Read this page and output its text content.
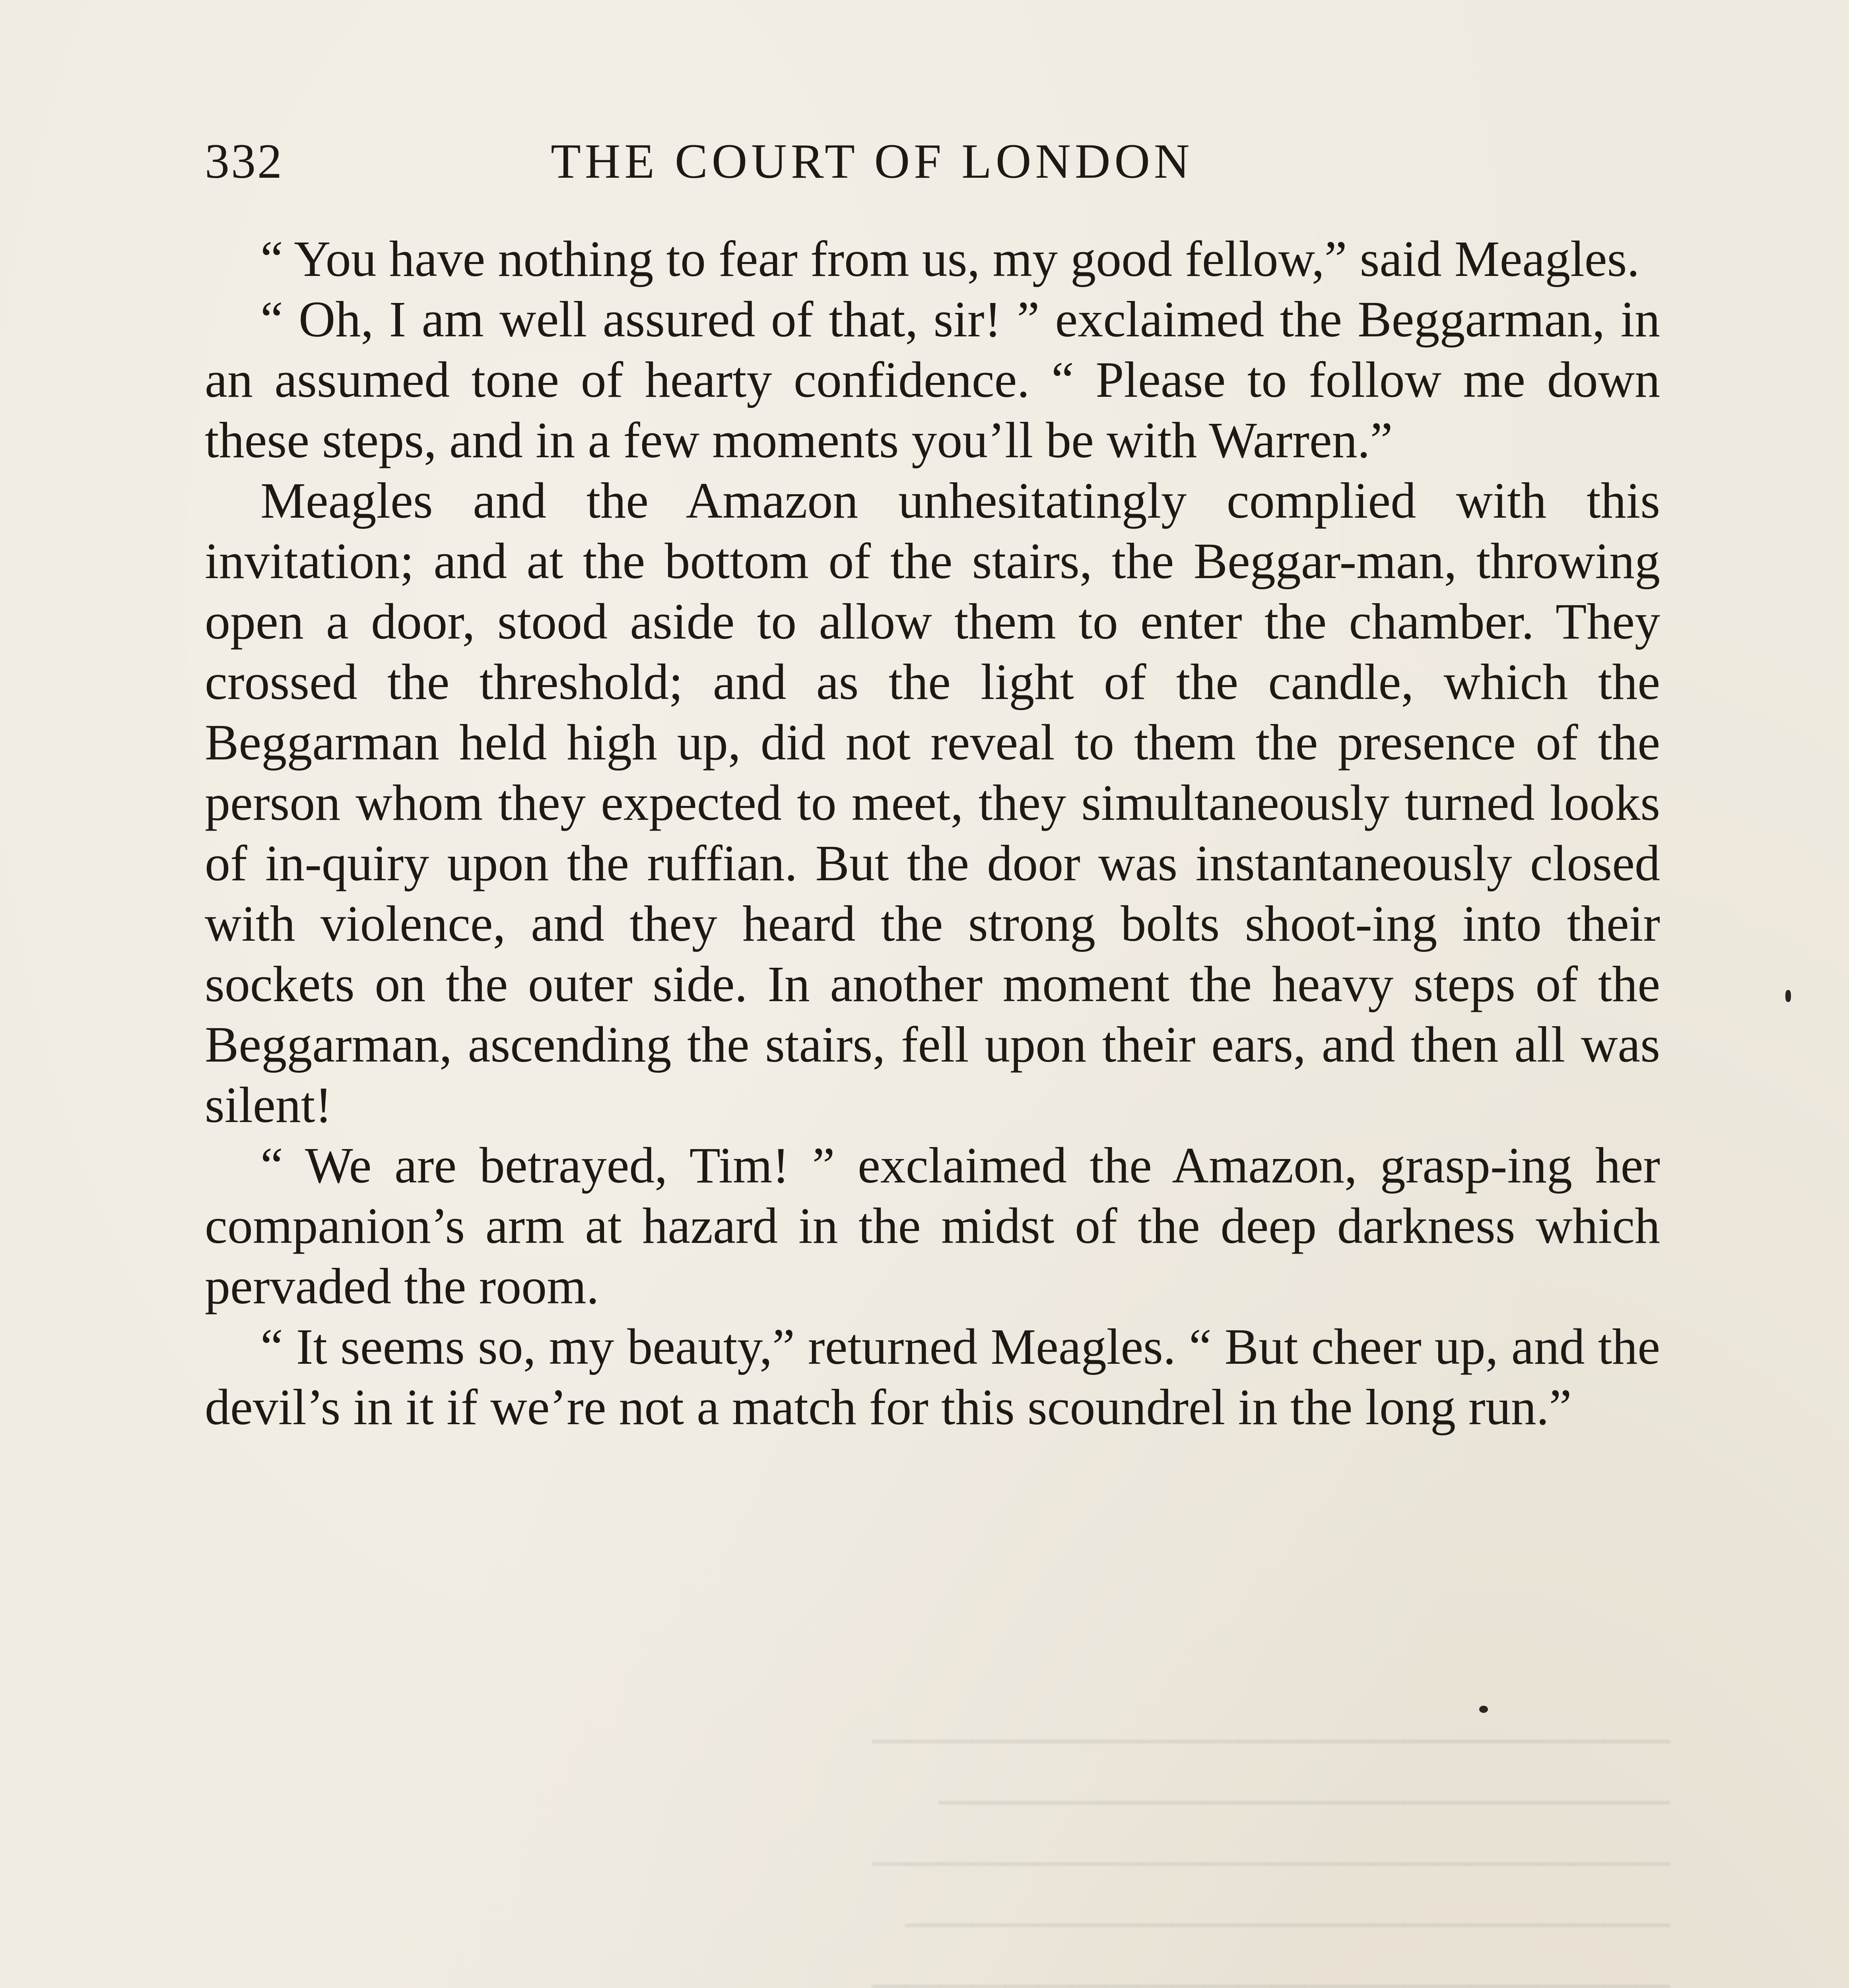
────────────────────────
──────────────────────
────────────────────────
───────────────────────
────────────────────────
332	THE COURT OF LONDON

“ You have nothing to fear from us, my good fellow,” said Meagles.

“ Oh, I am well assured of that, sir! ” exclaimed the Beggarman, in an assumed tone of hearty confidence. “ Please to follow me down these steps, and in a few moments you’ll be with Warren.”

Meagles and the Amazon unhesitatingly complied with this invitation; and at the bottom of the stairs, the Beggar-man, throwing open a door, stood aside to allow them to enter the chamber. They crossed the threshold; and as the light of the candle, which the Beggarman held high up, did not reveal to them the presence of the person whom they expected to meet, they simultaneously turned looks of in-quiry upon the ruffian. But the door was instantaneously closed with violence, and they heard the strong bolts shoot-ing into their sockets on the outer side. In another moment the heavy steps of the Beggarman, ascending the stairs, fell upon their ears, and then all was silent!

“ We are betrayed, Tim! ” exclaimed the Amazon, grasp-ing her companion’s arm at hazard in the midst of the deep darkness which pervaded the room.

“ It seems so, my beauty,” returned Meagles. “ But cheer up, and the devil’s in it if we’re not a match for this scoundrel in the long run.”
